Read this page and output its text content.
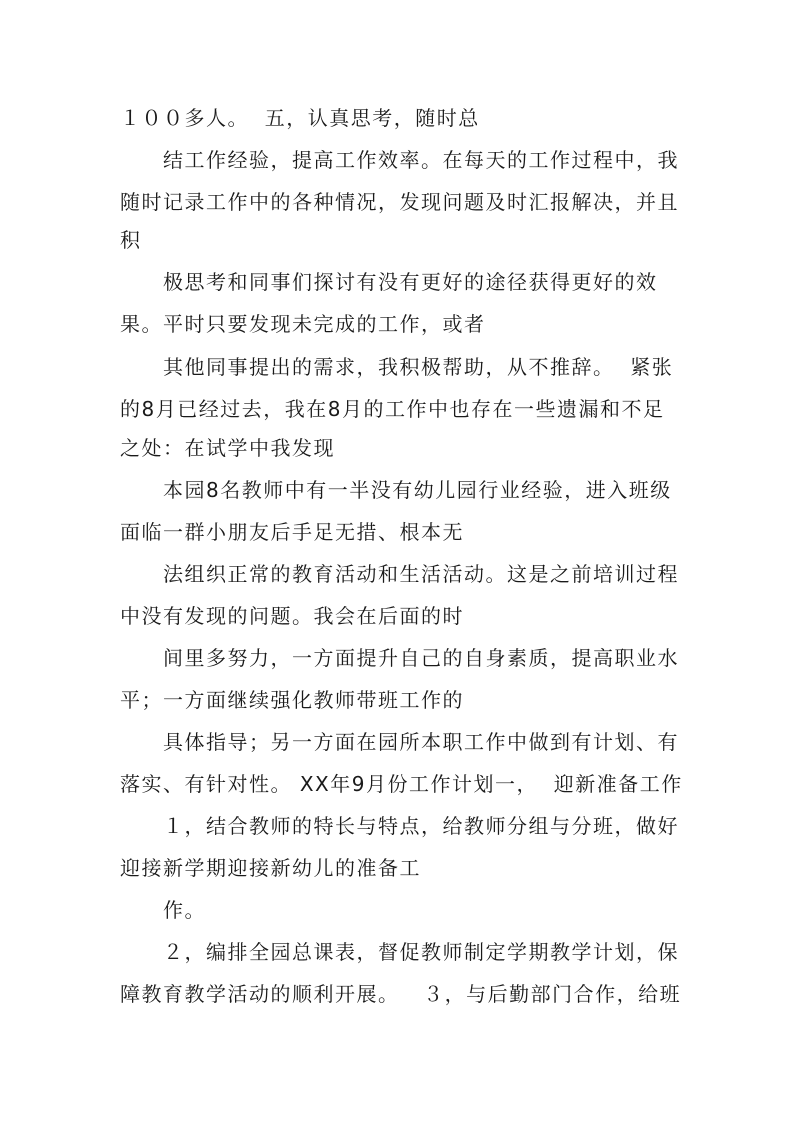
１００多人。  五，认真思考，随时总
结工作经验，提高工作效率。在每天的工作过程中，我
随时记录工作中的各种情况，发现问题及时汇报解决，并且
积
极思考和同事们探讨有没有更好的途径获得更好的效
果。平时只要发现未完成的工作，或者
其他同事提出的需求，我积极帮助，从不推辞。  紧张
的8月已经过去，我在8月的工作中也存在一些遗漏和不足
之处：在试学中我发现
本园8名教师中有一半没有幼儿园行业经验，进入班级
面临一群小朋友后手足无措、根本无
法组织正常的教育活动和生活活动。这是之前培训过程
中没有发现的问题。我会在后面的时
间里多努力，一方面提升自己的自身素质，提高职业水
平；一方面继续强化教师带班工作的
具体指导；另一方面在园所本职工作中做到有计划、有
落实、有针对性。 XX年9月份工作计划一，  迎新准备工作
１，结合教师的特长与特点，给教师分组与分班，做好
迎接新学期迎接新幼儿的准备工
作。
２，编排全园总课表，督促教师制定学期教学计划，保
障教育教学活动的顺利开展。   ３，与后勤部门合作，给班
